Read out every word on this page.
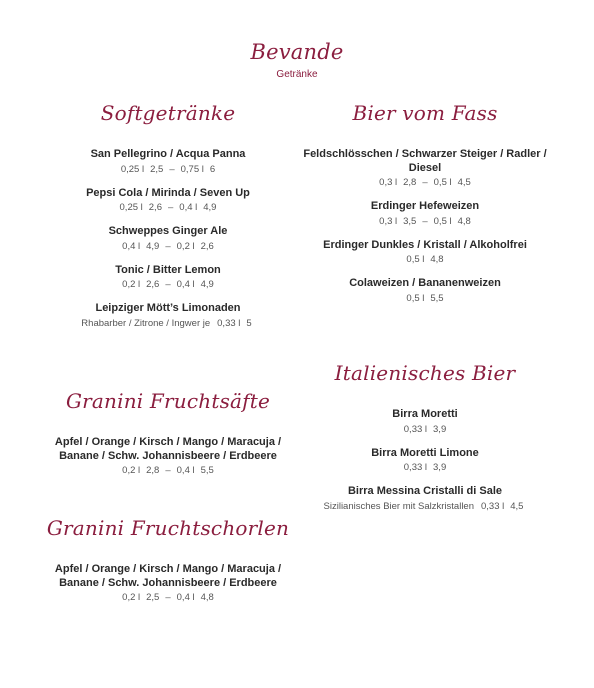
Bevande
Getränke
Softgetränke
San Pellegrino / Acqua Panna
0,25 l 2,5 – 0,75 l 6
Pepsi Cola / Mirinda / Seven Up
0,25 l 2,6 – 0,4 l 4,9
Schweppes Ginger Ale
0,4 l 4,9 – 0,2 l 2,6
Tonic / Bitter Lemon
0,2 l 2,6 – 0,4 l 4,9
Leipziger Mött’s Limonaden
Rhabarber / Zitrone / Ingwer je 0,33 l 5
Granini Fruchtsäfte
Apfel / Orange / Kirsch / Mango / Maracuja / Banane / Schw. Johannisbeere / Erdbeere
0,2 l 2,8 – 0,4 l 5,5
Granini Fruchtschorlen
Apfel / Orange / Kirsch / Mango / Maracuja / Banane / Schw. Johannisbeere / Erdbeere
0,2 l 2,5 – 0,4 l 4,8
Bier vom Fass
Feldschlösschen / Schwarzer Steiger / Radler / Diesel
0,3 l 2,8 – 0,5 l 4,5
Erdinger Hefeweizen
0,3 l 3,5 – 0,5 l 4,8
Erdinger Dunkles / Kristall / Alkoholfrei
0,5 l 4,8
Colaweizen / Bananenweizen
0,5 l 5,5
Italienisches Bier
Birra Moretti
0,33 l 3,9
Birra Moretti Limone
0,33 l 3,9
Birra Messina Cristalli di Sale
Sizilianisches Bier mit Salzkristallen 0,33 l 4,5
